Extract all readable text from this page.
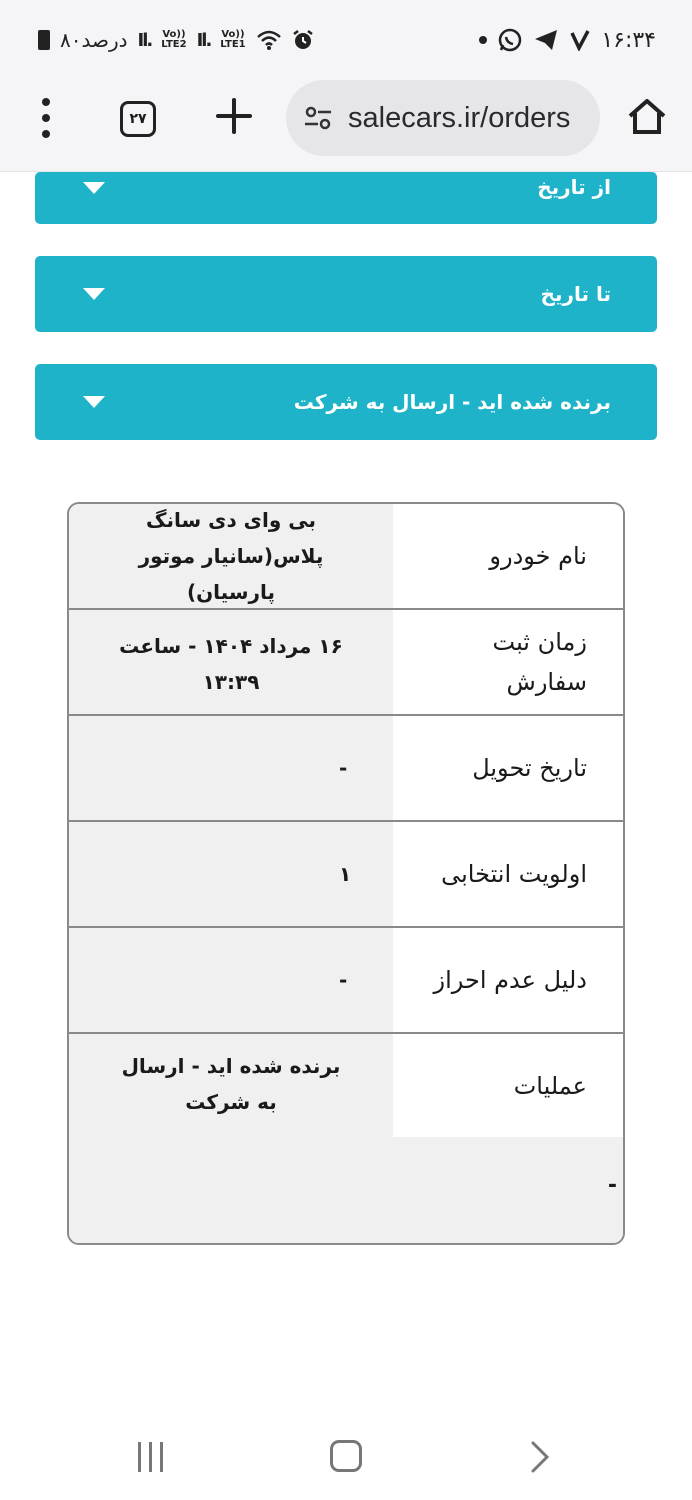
۸۰درصد Il. Vo))
LTE2 Il. Vo))
LTE1	۱۶:۳۴
۲۷	salecars.ir/orders
از تاریخ
تا تاریخ
برنده شده اید - ارسال به شرکت
نام خودرو
بی وای دی سانگ پلاس(سانیار موتور پارسیان)
زمان ثبت سفارش
۱۶ مرداد ۱۴۰۴ - ساعت ۱۳:۳۹
تاریخ تحویل
-
اولویت انتخابی
۱
دلیل عدم احراز
-
عملیات
برنده شده اید - ارسال به شرکت
-
